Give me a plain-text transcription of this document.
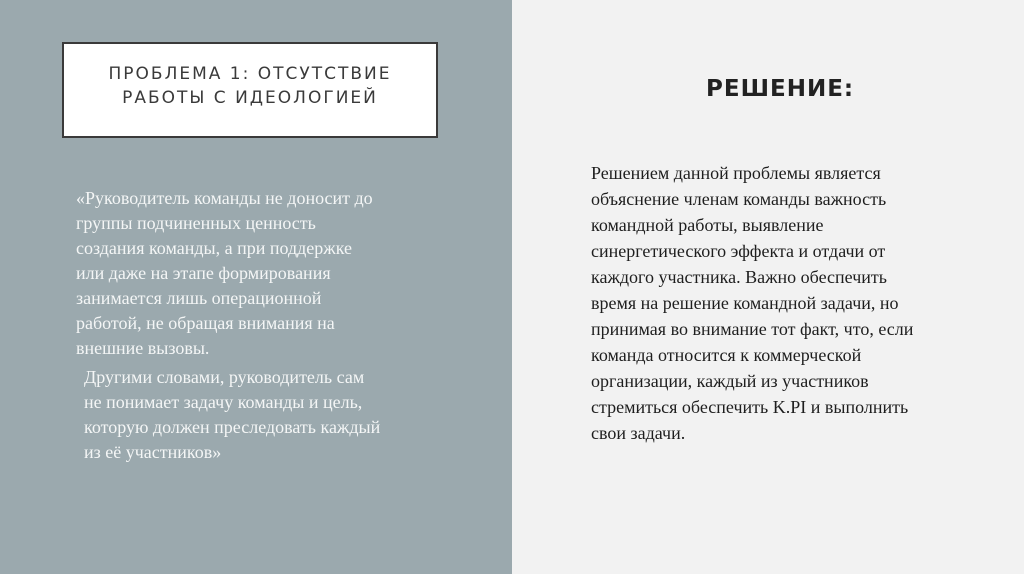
ПРОБЛЕМА 1: ОТСУТСТВИЕ
РАБОТЫ С ИДЕОЛОГИЕЙ

«Руководитель команды не доносит до
группы подчиненных ценность
создания команды, а при поддержке
или даже на этапе формирования
занимается лишь операционной
работой, не обращая внимания на
внешние вызовы.

Другими словами, руководитель сам
не понимает задачу команды и цель,
которую должен преследовать каждый
из её участников»

РЕШЕНИЕ:
Решением данной проблемы является
объяснение членам команды важность
командной работы, выявление
синергетического эффекта и отдачи от
каждого участника. Важно обеспечить
время на решение командной задачи, но
принимая во внимание тот факт, что, если
команда относится к коммерческой
организации, каждый из участников
стремиться обеспечить K.PI и выполнить
свои задачи.
